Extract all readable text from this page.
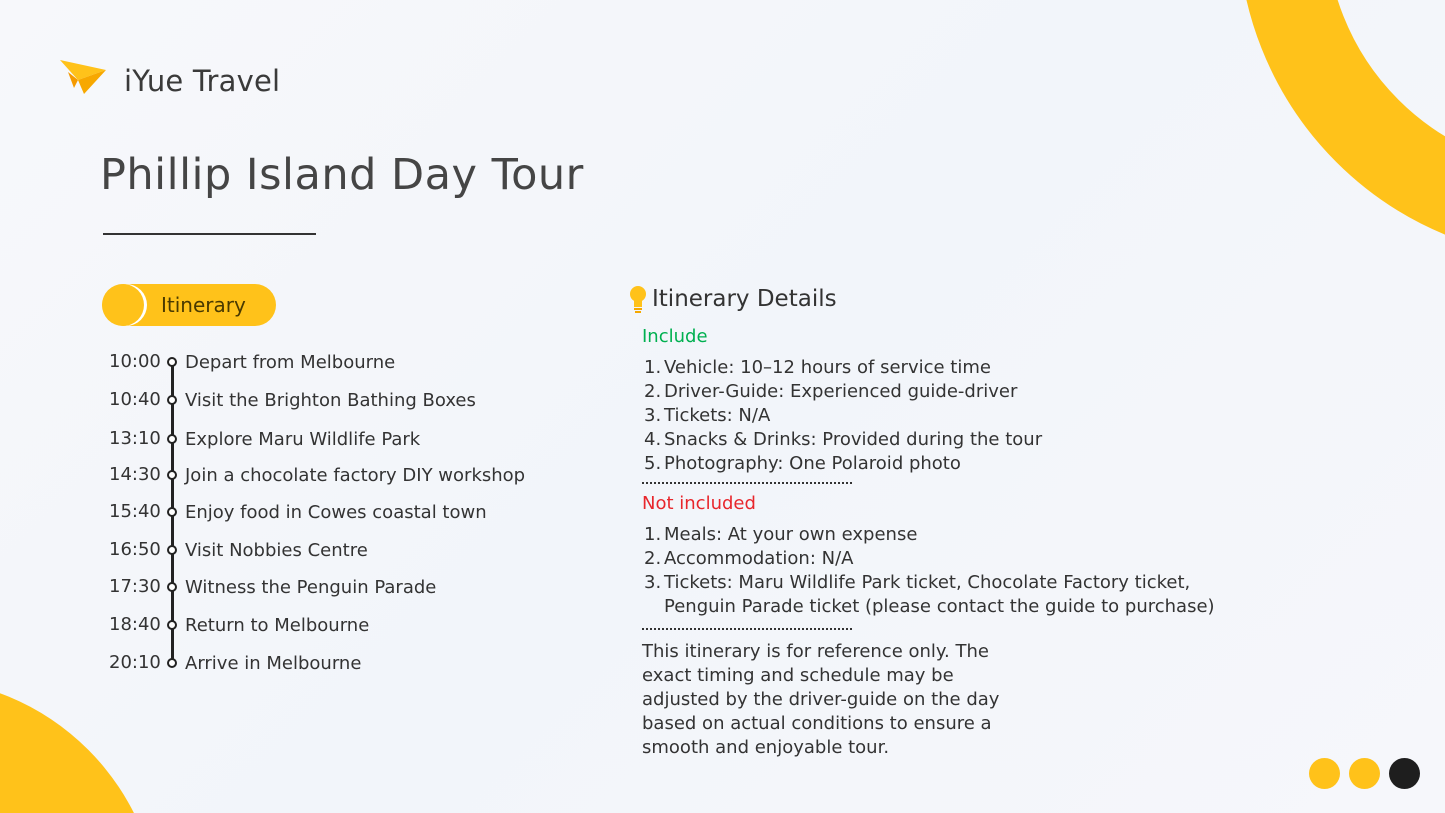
iYue Travel
Phillip Island Day Tour
Itinerary
10:00 Depart from Melbourne
10:40 Visit the Brighton Bathing Boxes
13:10 Explore Maru Wildlife Park
14:30 Join a chocolate factory DIY workshop
15:40 Enjoy food in Cowes coastal town
16:50 Visit Nobbies Centre
17:30 Witness the Penguin Parade
18:40 Return to Melbourne
20:10 Arrive in Melbourne
Itinerary Details
Include
1. Vehicle: 10–12 hours of service time
2. Driver-Guide: Experienced guide-driver
3. Tickets: N/A
4. Snacks & Drinks: Provided during the tour
5. Photography: One Polaroid photo
Not included
1. Meals: At your own expense
2. Accommodation: N/A
3. Tickets: Maru Wildlife Park ticket, Chocolate Factory ticket, Penguin Parade ticket (please contact the guide to purchase)
This itinerary is for reference only. The exact timing and schedule may be adjusted by the driver-guide on the day based on actual conditions to ensure a smooth and enjoyable tour.
